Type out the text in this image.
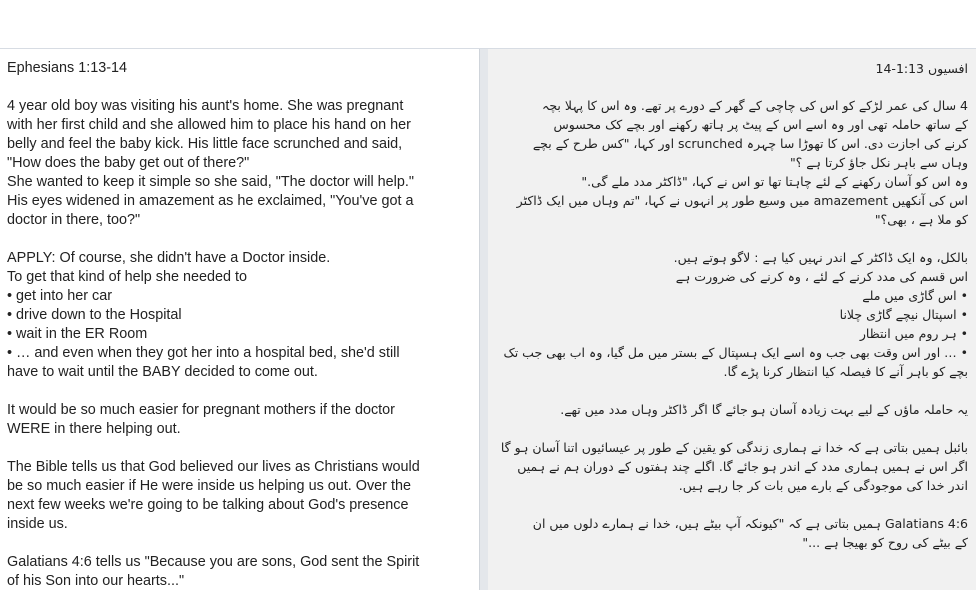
Ephesians 1:13-14
4 year old boy was visiting his aunt's home. She was pregnant
with her first child and she allowed him to place his hand on her
belly and feel the baby kick. His little face scrunched and said,
"How does the baby get out of there?"
She wanted to keep it simple so she said, "The doctor will help."
His eyes widened in amazement as he exclaimed, "You've got a
doctor in there, too?"
APPLY: Of course, she didn't have a Doctor inside.
To get that kind of help she needed to
• get into her car
• drive down to the Hospital
• wait in the ER Room
• … and even when they got her into a hospital bed, she'd still
have to wait until the BABY decided to come out.
It would be so much easier for pregnant mothers if the doctor
WERE in there helping out.
The Bible tells us that God believed our lives as Christians would
be so much easier if He were inside us helping us out. Over the
next few weeks we're going to be talking about God's presence
inside us.
Galatians 4:6 tells us "Because you are sons, God sent the Spirit
of his Son into our hearts..."
افسیوں 1:13-14
4 سال کی عمر لڑکے کو اس کی چاچی کے گھر کے دورے پر تھے. وہ اس کا پہلا بچہ
کے ساتھ حاملہ تھی اور وہ اسے اس کے پیٹ پر ہاتھ رکھنے اور بچے کک محسوس
کرنے کی اجازت دی. اس کا تھوڑا سا چہرہ scrunched اور کہا، "کس طرح کے بچے
وہاں سے باہر نکل جاؤ کرتا ہے ؟"
وہ اس کو آسان رکھنے کے لئے چاہتا تھا تو اس نے کہا، "ڈاکٹر مدد ملے گی."
اس کی آنکھیں amazement میں وسیع طور پر انہوں نے کہا، "تم وہاں میں ایک ڈاکٹر
کو ملا ہے ، بھی؟"
بالکل، وہ ایک ڈاکٹر کے اندر نہیں کیا ہے : لاگو ہوتے ہیں.
اس قسم کی مدد کرنے کے لئے ، وہ کرنے کی ضرورت ہے
• اس گاڑی میں ملے
• اسپتال نیچے گاڑی چلانا
• ہر روم میں انتظار
• … اور اس وقت بھی جب وہ اسے ایک ہسپتال کے بستر میں مل گیا، وہ اب بھی جب تک
بچے کو باہر آنے کا فیصلہ کیا انتظار کرنا پڑے گا.
یہ حاملہ ماؤں کے لیے بہت زیادہ آسان ہو جائے گا اگر ڈاکٹر وہاں مدد میں تھے.
بائبل ہمیں بتاتی ہے کہ خدا نے ہماری زندگی کو یقین کے طور پر عیسائیوں اتنا آسان ہو گا
اگر اس نے ہمیں ہماری مدد کے اندر ہو جائے گا. اگلے چند ہفتوں کے دوران ہم نے ہمیں
اندر خدا کی موجودگی کے بارے میں بات کر جا رہے ہیں.
Galatians 4:6 ہمیں بتاتی ہے کہ "کیونکہ آپ بیٹے ہیں، خدا نے ہمارے دلوں میں ان
کے بیٹے کی روح کو بھیجا ہے ..."
